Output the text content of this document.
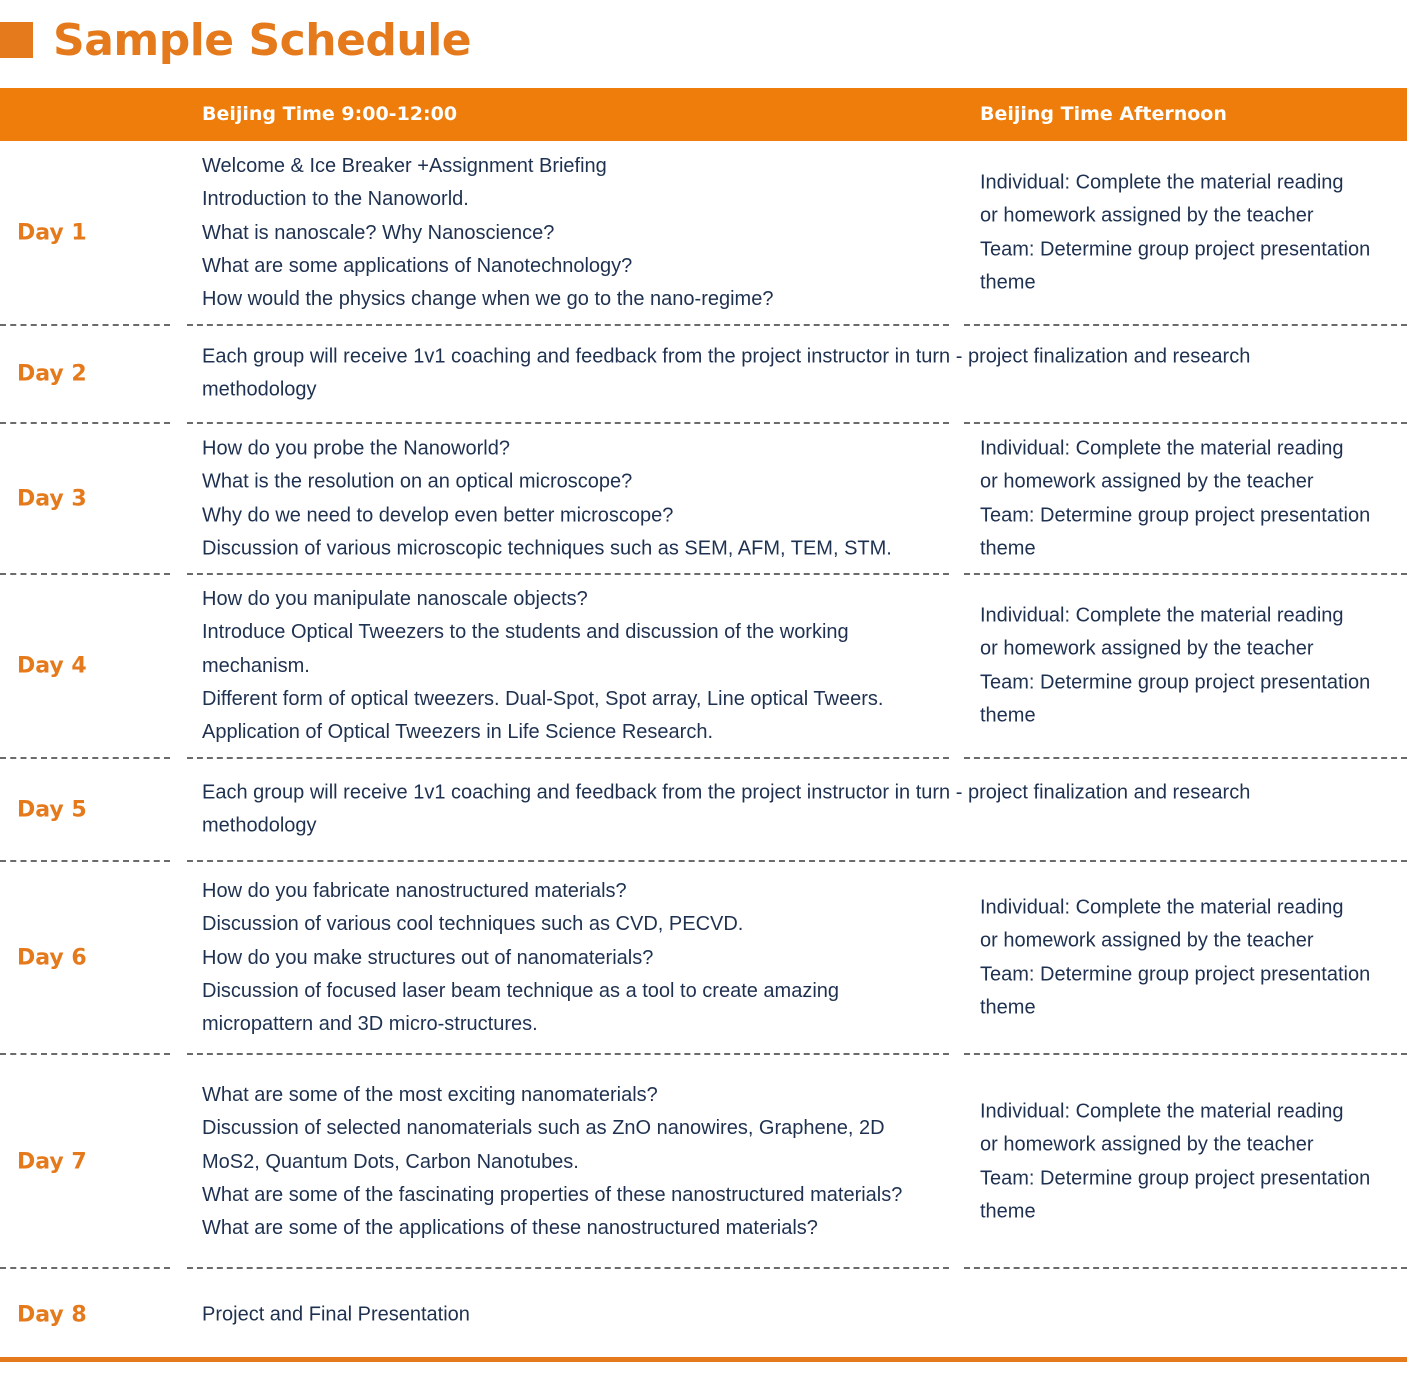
Sample Schedule
Beijing Time 9:00-12:00	Beijing Time Afternoon
Day 1
Welcome & Ice Breaker +Assignment Briefing
Introduction to the Nanoworld.
What is nanoscale? Why Nanoscience?
What are some applications of Nanotechnology?
How would the physics change when we go to the nano-regime?
Individual: Complete the material reading
or homework assigned by the teacher
Team: Determine group project presentation
theme
Day 2
Each group will receive 1v1 coaching and feedback from the project instructor in turn - project finalization and research
methodology
Day 3
How do you probe the Nanoworld?
What is the resolution on an optical microscope?
Why do we need to develop even better microscope?
Discussion of various microscopic techniques such as SEM, AFM, TEM, STM.
Individual: Complete the material reading
or homework assigned by the teacher
Team: Determine group project presentation
theme
Day 4
How do you manipulate nanoscale objects?
Introduce Optical Tweezers to the students and discussion of the working
mechanism.
Different form of optical tweezers. Dual-Spot, Spot array, Line optical Tweers.
Application of Optical Tweezers in Life Science Research.
Individual: Complete the material reading
or homework assigned by the teacher
Team: Determine group project presentation
theme
Day 5
Each group will receive 1v1 coaching and feedback from the project instructor in turn - project finalization and research
methodology
Day 6
How do you fabricate nanostructured materials?
Discussion of various cool techniques such as CVD, PECVD.
How do you make structures out of nanomaterials?
Discussion of focused laser beam technique as a tool to create amazing
micropattern and 3D micro-structures.
Individual: Complete the material reading
or homework assigned by the teacher
Team: Determine group project presentation
theme
Day 7
What are some of the most exciting nanomaterials?
Discussion of selected nanomaterials such as ZnO nanowires, Graphene, 2D
MoS2, Quantum Dots, Carbon Nanotubes.
What are some of the fascinating properties of these nanostructured materials?
What are some of the applications of these nanostructured materials?
Individual: Complete the material reading
or homework assigned by the teacher
Team: Determine group project presentation
theme
Day 8	Project and Final Presentation
